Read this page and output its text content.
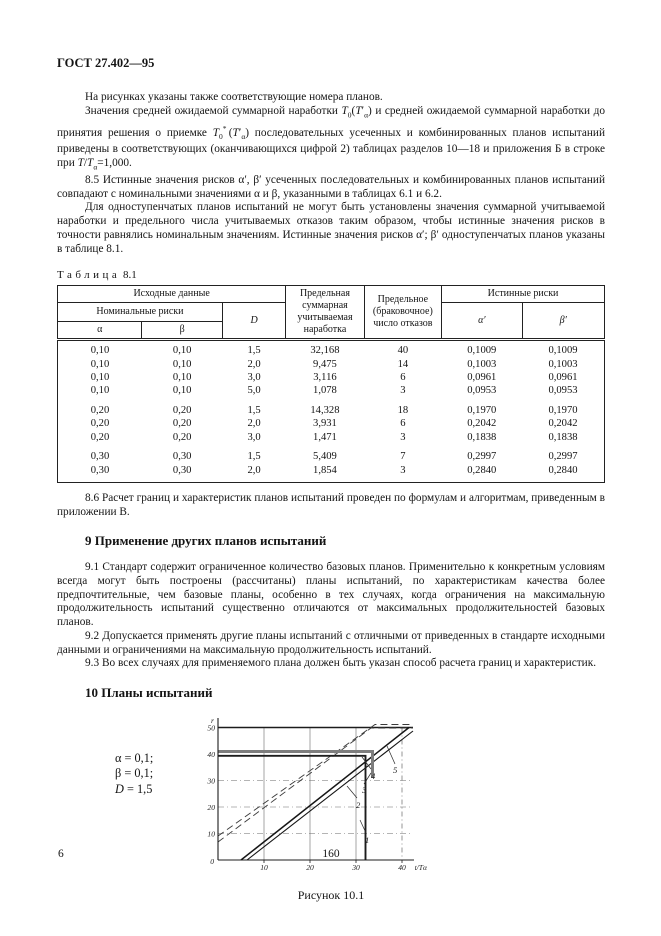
ГОСТ 27.402—95

На рисунках указаны также соответствующие номера планов.

Значения средней ожидаемой суммарной наработки $T_0(T'_\alpha)$ и средней ожидаемой суммарной наработки до принятия решения о приемке $T_0^*$ $(T'_\alpha)$ последовательных усеченных и комбинированных планов испытаний приведены в соответствующих (оканчивающихся цифрой 2) таблицах разделов 10—18 и приложения Б в строке при $T/T_\alpha=1,000$.

8.5 Истинные значения рисков α′, β′ усеченных последовательных и комбинированных планов испытаний совпадают с номинальными значениями α и β, указанными в таблицах 6.1 и 6.2.

Для одноступенчатых планов испытаний не могут быть установлены значения суммарной учитываемой наработки и предельного числа учитываемых отказов таким образом, чтобы истинные значения рисков в точности равнялись номинальным значениям. Истинные значения рисков α′; β′ одноступенчатых планов указаны в таблице 8.1.

Таблица 8.1
Исходные данные			Предельная суммарная учитываемая наработка	Предельное (браковочное) число отказов	Истинные риски	
Номинальные риски		D			α′	β′
α	β					
0,10	0,10	1,5	32,168	40	0,1009	0,1009
0,10	0,10	2,0	9,475	14	0,1003	0,1003
0,10	0,10	3,0	3,116	6	0,0961	0,0961
0,10	0,10	5,0	1,078	3	0,0953	0,0953
0,20	0,20	1,5	14,328	18	0,1970	0,1970
0,20	0,20	2,0	3,931	6	0,2042	0,2042
0,20	0,20	3,0	1,471	3	0,1838	0,1838
0,30	0,30	1,5	5,409	7	0,2997	0,2997
0,30	0,30	2,0	1,854	3	0,2840	0,2840

8.6 Расчет границ и характеристик планов испытаний проведен по формулам и алгоритмам, приведенным в приложении В.

9 Применение других планов испытаний

9.1 Стандарт содержит ограниченное количество базовых планов. Применительно к конкретным условиям всегда могут быть построены (рассчитаны) планы испытаний, по характеристикам качества более предпочтительные, чем базовые планы, особенно в тех случаях, когда ограничения на максимальную продолжительность испытаний существенно отличаются от максимальных продолжительностей базовых планов.

9.2 Допускается применять другие планы испытаний с отличными от приведенных в стандарте исходными данными и ограничениями на максимальную продолжительность испытаний.

9.3 Во всех случаях для применяемого плана должен быть указан способ расчета границ и характеристик.

10 Планы испытаний
α = 0,1;
β = 0,1;
D = 1,5
1
2
3
4
5
50
40
30
20
10
0
10	20	30	40
r
t/Tα
Рисунок 10.1
6	160
